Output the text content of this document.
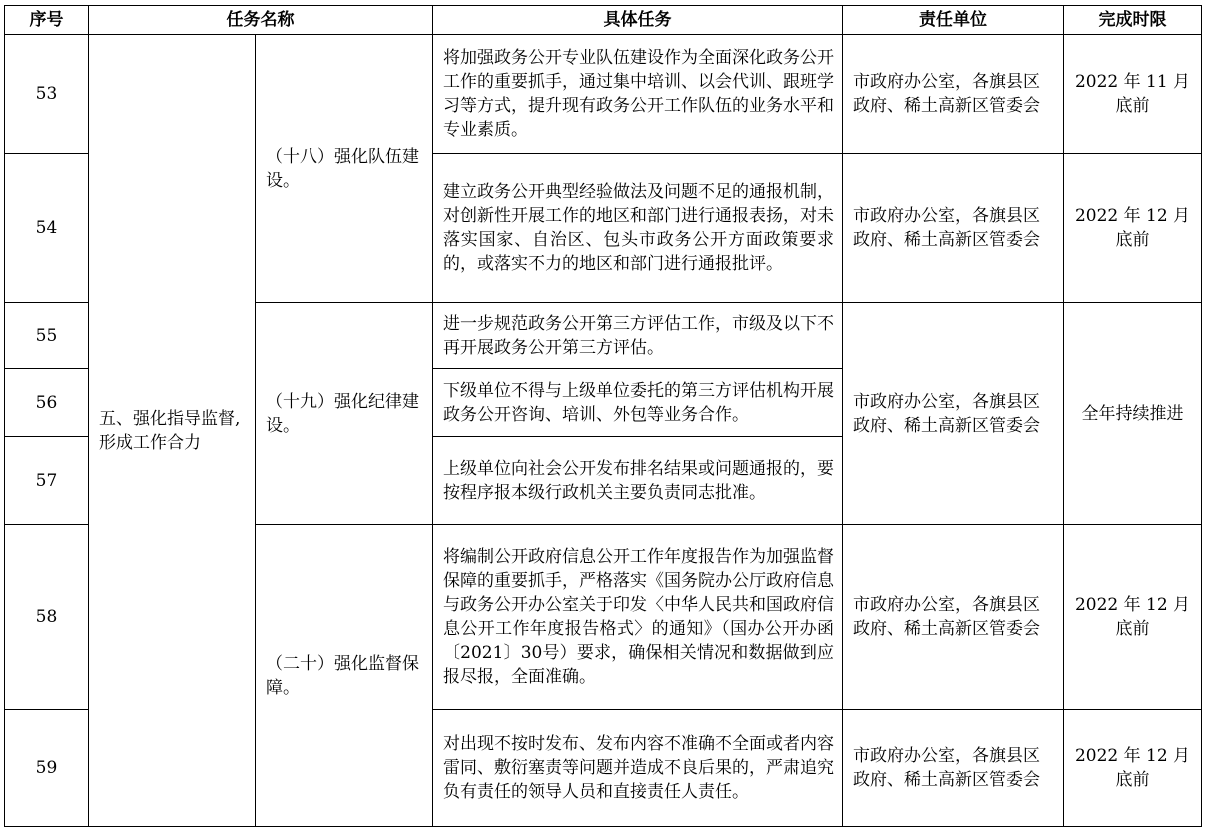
序号	任务名称		具体任务	责任单位	完成时限
53	五、强化指导监督,形成工作合力	（十八）强化队伍建设。	将加强政务公开专业队伍建设作为全面深化政务公开工作的重要抓手，通过集中培训、以会代训、跟班学习等方式，提升现有政务公开工作队伍的业务水平和专业素质。	市政府办公室，各旗县区政府、稀土高新区管委会	2022 年 11 月底前
54			建立政务公开典型经验做法及问题不足的通报机制，对创新性开展工作的地区和部门进行通报表扬，对未落实国家、自治区、包头市政务公开方面政策要求的，或落实不力的地区和部门进行通报批评。	市政府办公室，各旗县区政府、稀土高新区管委会	2022 年 12 月底前
55		（十九）强化纪律建设。	进一步规范政务公开第三方评估工作，市级及以下不再开展政务公开第三方评估。	市政府办公室，各旗县区政府、稀土高新区管委会	全年持续推进
56			下级单位不得与上级单位委托的第三方评估机构开展政务公开咨询、培训、外包等业务合作。		
57			上级单位向社会公开发布排名结果或问题通报的，要按程序报本级行政机关主要负责同志批准。		
58		（二十）强化监督保障。	将编制公开政府信息公开工作年度报告作为加强监督保障的重要抓手，严格落实《国务院办公厅政府信息与政务公开办公室关于印发〈中华人民共和国政府信息公开工作年度报告格式〉的通知》（国办公开办函〔2021〕30号）要求，确保相关情况和数据做到应报尽报，全面准确。	市政府办公室，各旗县区政府、稀土高新区管委会	2022 年 12 月底前
59			对出现不按时发布、发布内容不准确不全面或者内容雷同、敷衍塞责等问题并造成不良后果的，严肃追究负有责任的领导人员和直接责任人责任。	市政府办公室，各旗县区政府、稀土高新区管委会	2022 年 12 月底前
